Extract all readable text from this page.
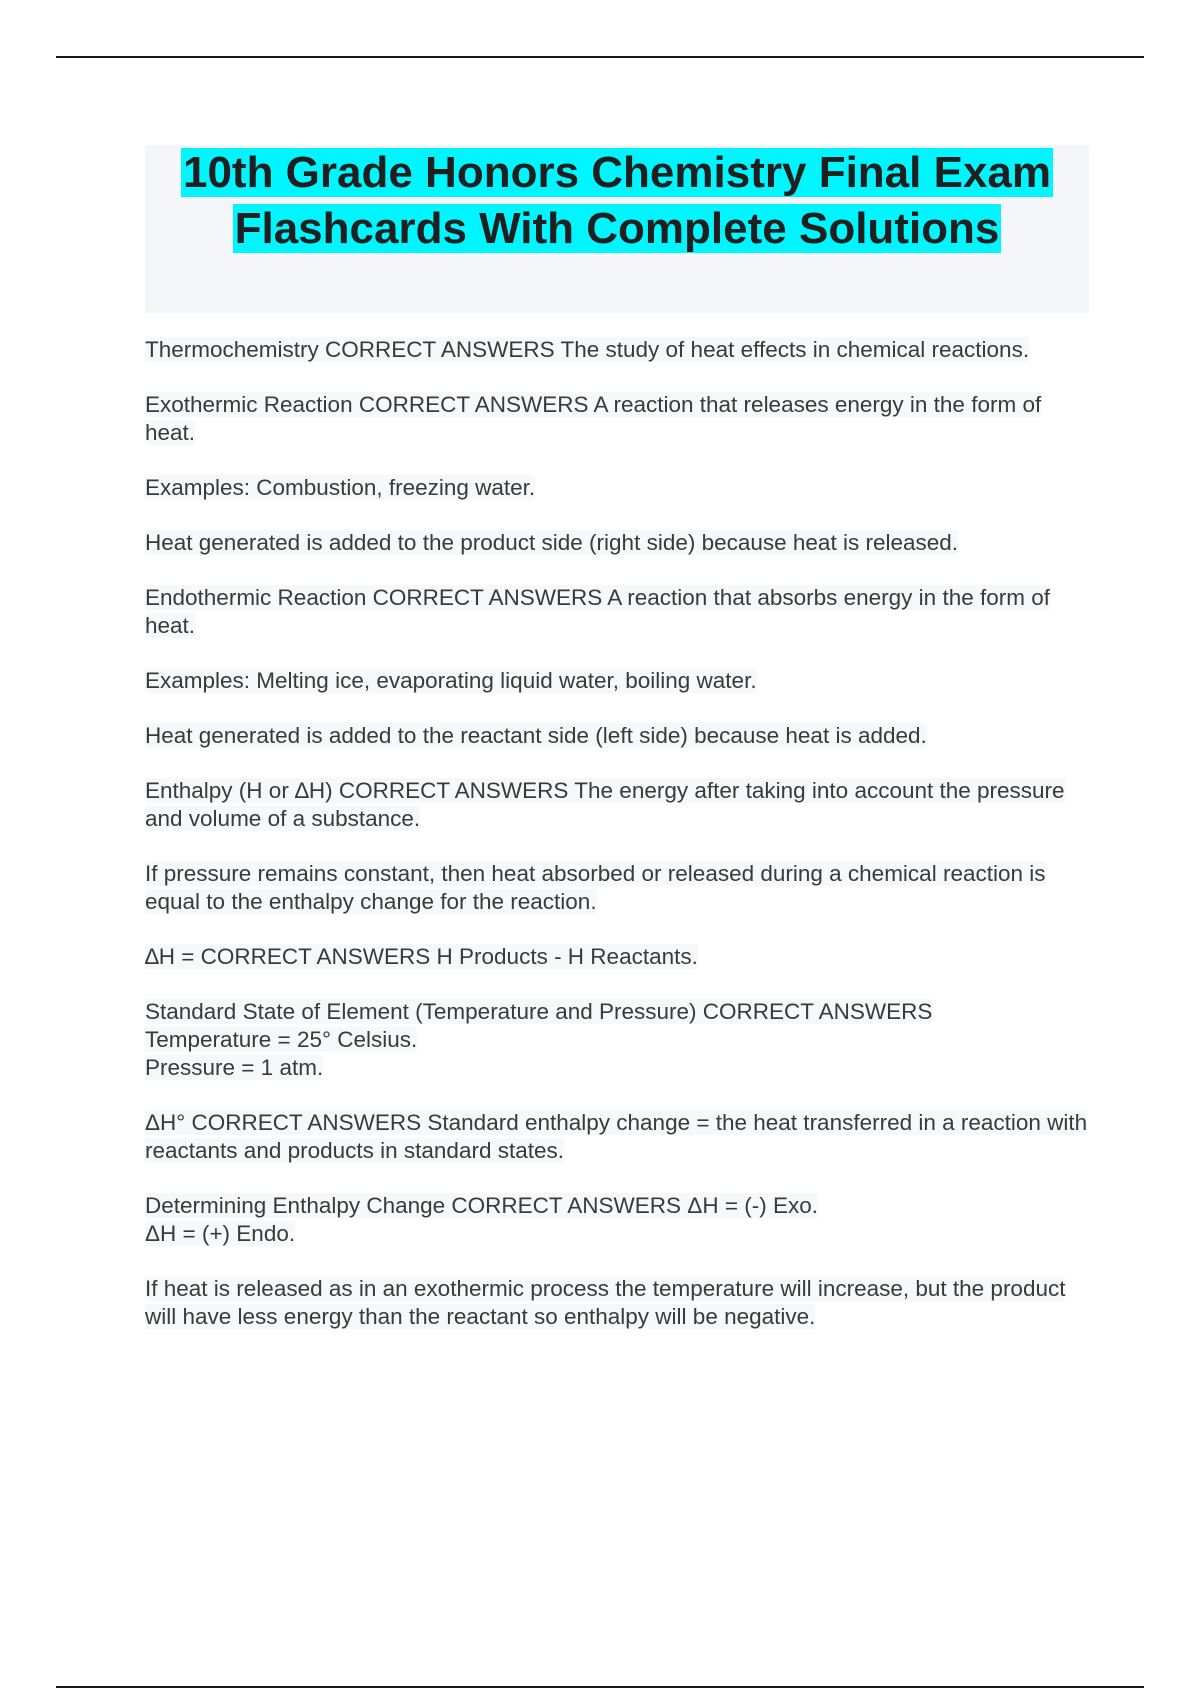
10th Grade Honors Chemistry Final Exam Flashcards With Complete Solutions

Thermochemistry CORRECT ANSWERS The study of heat effects in chemical reactions.

Exothermic Reaction CORRECT ANSWERS A reaction that releases energy in the form of heat.

Examples: Combustion, freezing water.

Heat generated is added to the product side (right side) because heat is released.

Endothermic Reaction CORRECT ANSWERS A reaction that absorbs energy in the form of heat.

Examples: Melting ice, evaporating liquid water, boiling water.

Heat generated is added to the reactant side (left side) because heat is added.

Enthalpy (H or ∆H) CORRECT ANSWERS The energy after taking into account the pressure and volume of a substance.

If pressure remains constant, then heat absorbed or released during a chemical reaction is equal to the enthalpy change for the reaction.

∆H = CORRECT ANSWERS H Products - H Reactants.

Standard State of Element (Temperature and Pressure) CORRECT ANSWERS
Temperature = 25° Celsius.
Pressure = 1 atm.

ΔH° CORRECT ANSWERS Standard enthalpy change = the heat transferred in a reaction with reactants and products in standard states.

Determining Enthalpy Change CORRECT ANSWERS ΔH = (-) Exo.
ΔH = (+) Endo.

If heat is released as in an exothermic process the temperature will increase, but the product will have less energy than the reactant so enthalpy will be negative.
